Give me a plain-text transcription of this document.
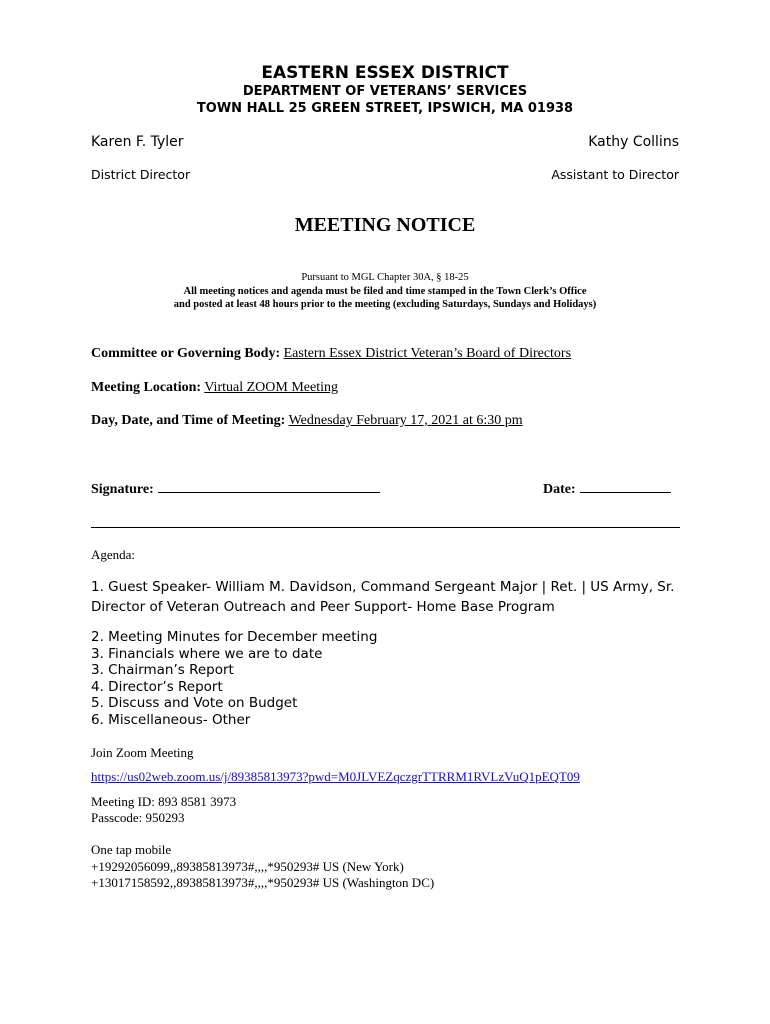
EASTERN ESSEX DISTRICT
DEPARTMENT OF VETERANS’ SERVICES
TOWN HALL 25 GREEN STREET, IPSWICH, MA 01938
Karen F. Tyler	Kathy Collins
District Director	Assistant to Director
MEETING NOTICE
Pursuant to MGL Chapter 30A, § 18-25
All meeting notices and agenda must be filed and time stamped in the Town Clerk’s Office
and posted at least 48 hours prior to the meeting (excluding Saturdays, Sundays and Holidays)
Committee or Governing Body: Eastern Essex District Veteran’s Board of Directors
Meeting Location: Virtual ZOOM Meeting
Day, Date, and Time of Meeting: Wednesday February 17, 2021 at 6:30 pm
Signature:	Date:
Agenda:
1. Guest Speaker- William M. Davidson, Command Sergeant Major | Ret. | US Army, Sr. Director of Veteran Outreach and Peer Support- Home Base Program
2. Meeting Minutes for December meeting
3. Financials where we are to date
3. Chairman’s Report
4. Director’s Report
5. Discuss and Vote on Budget
6. Miscellaneous- Other
Join Zoom Meeting
https://us02web.zoom.us/j/89385813973?pwd=M0JLVEZqczgrTTRRM1RVLzVuQ1pEQT09
Meeting ID: 893 8581 3973
Passcode: 950293
One tap mobile
+19292056099,,89385813973#,,,,*950293# US (New York)
+13017158592,,89385813973#,,,,*950293# US (Washington DC)
